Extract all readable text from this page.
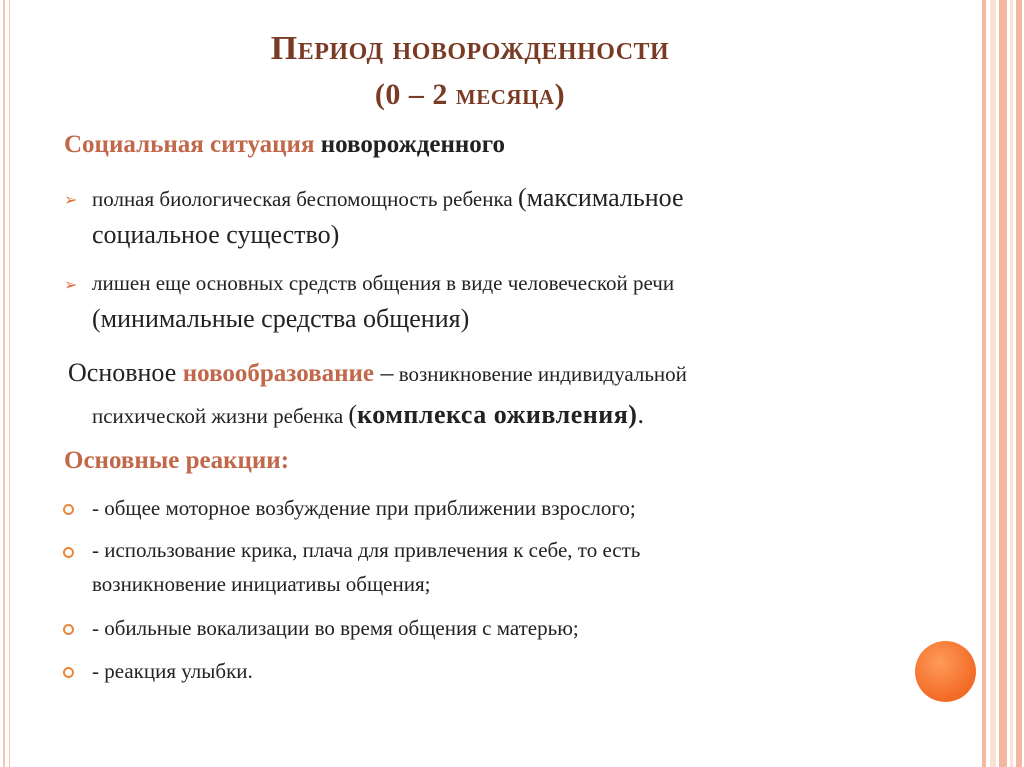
Период новорожденности
(0 – 2 месяца)
Социальная ситуация новорожденного
➢ полная биологическая беспомощность ребенка (максимальное
социальное существо)
➢ лишен еще основных средств общения в виде человеческой речи
(минимальные средства общения)
Основное новообразование – возникновение индивидуальной
психической жизни ребенка (комплекса оживления).
Основные реакции:
- общее моторное возбуждение при приближении взрослого;
- использование крика, плача для привлечения к себе, то есть
возникновение инициативы общения;
- обильные вокализации во время общения с матерью;
- реакция улыбки.
